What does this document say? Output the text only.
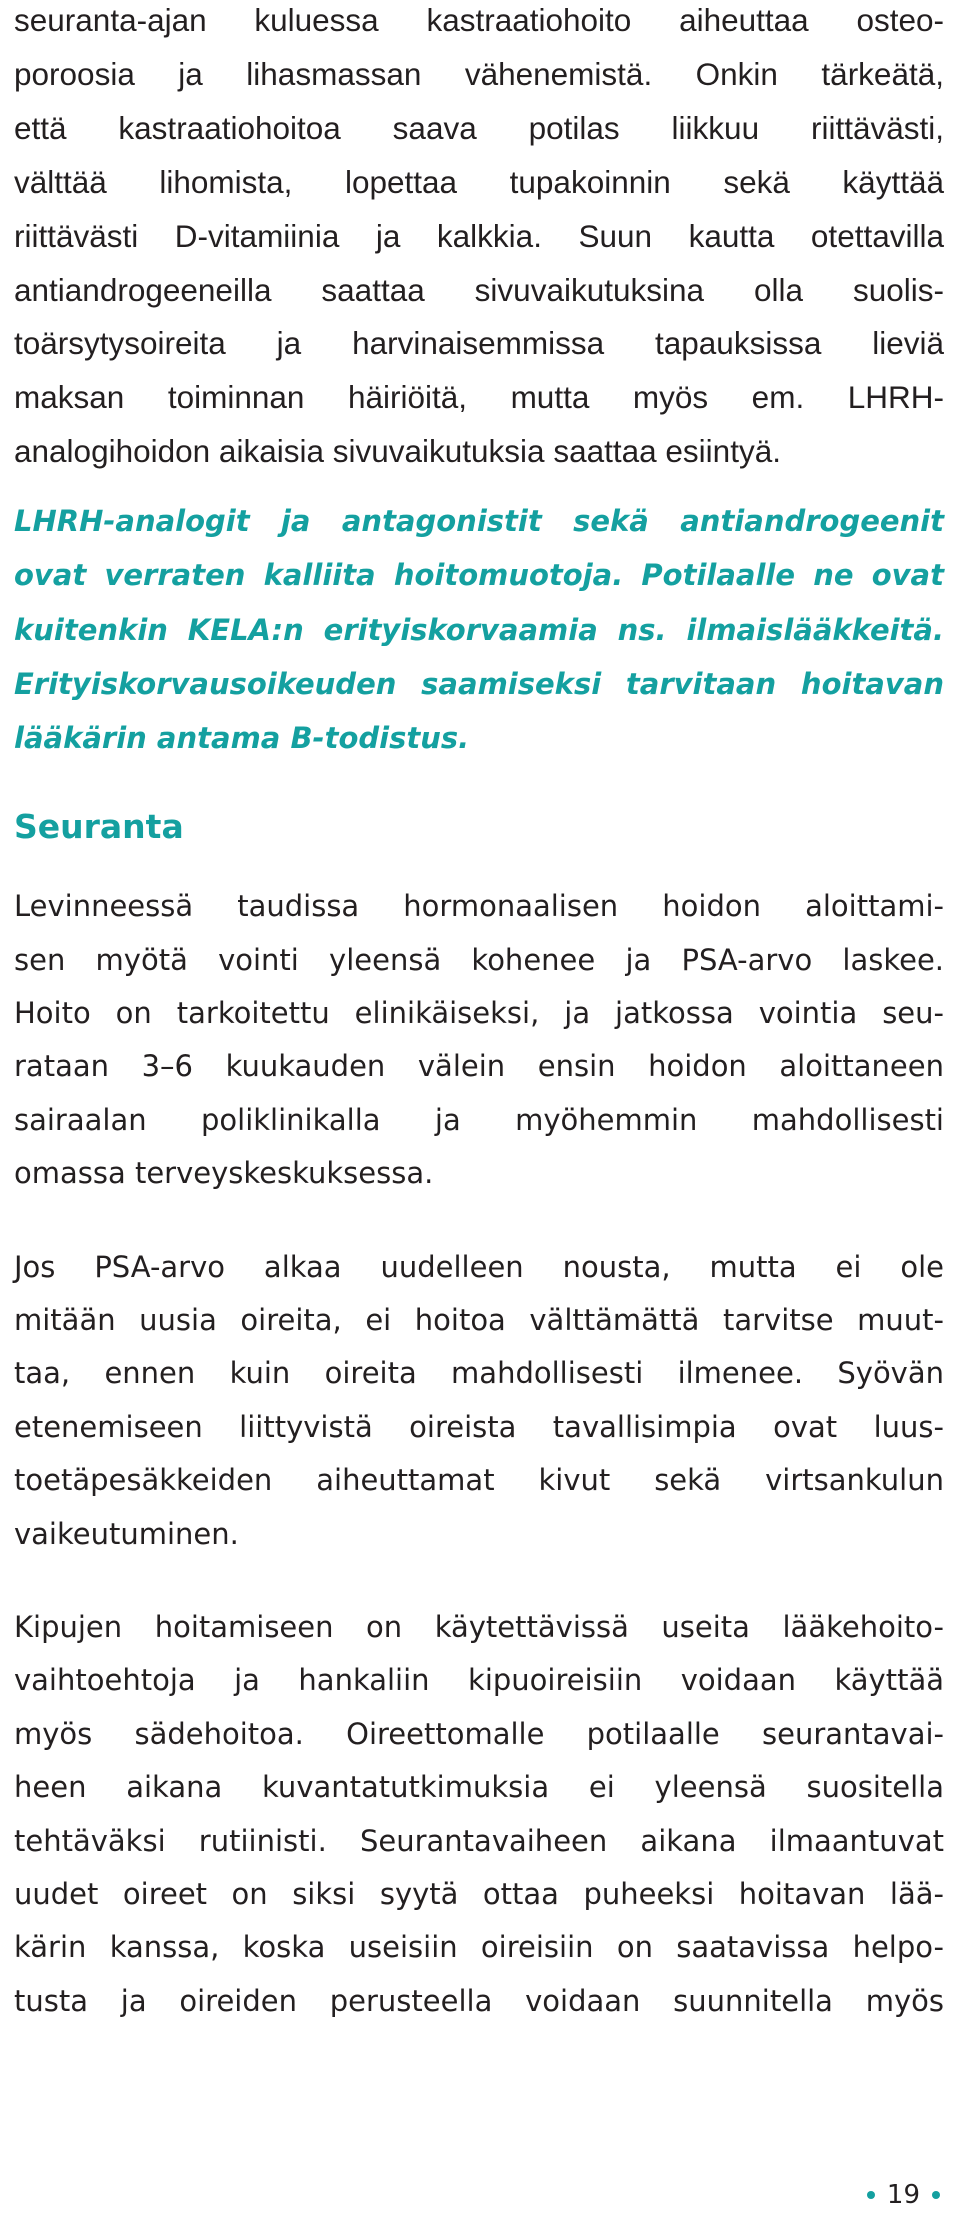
seuranta-ajan kuluessa kastraatiohoito aiheuttaa osteo-
poroosia ja lihasmassan vähenemistä. Onkin tärkeätä,
että kastraatiohoitoa saava potilas liikkuu riittävästi,
välttää lihomista, lopettaa tupakoinnin sekä käyttää
riittävästi D-vitamiinia ja kalkkia. Suun kautta otettavilla
antiandrogeeneilla saattaa sivuvaikutuksina olla suolis-
toärsytysoireita ja harvinaisemmissa tapauksissa lieviä
maksan toiminnan häiriöitä, mutta myös em. LHRH-
analogihoidon aikaisia sivuvaikutuksia saattaa esiintyä.
LHRH-analogit ja antagonistit sekä antiandrogeenit
ovat verraten kalliita hoitomuotoja. Potilaalle ne ovat
kuitenkin KELA:n erityiskorvaamia ns. ilmaislääkkeitä.
Erityiskorvausoikeuden saamiseksi tarvitaan hoitavan
lääkärin antama B-todistus.
Seuranta
Levinneessä taudissa hormonaalisen hoidon aloittami-
sen myötä vointi yleensä kohenee ja PSA-arvo laskee.
Hoito on tarkoitettu elinikäiseksi, ja jatkossa vointia seu-
rataan 3–6 kuukauden välein ensin hoidon aloittaneen
sairaalan poliklinikalla ja myöhemmin mahdollisesti
omassa terveyskeskuksessa.
Jos PSA-arvo alkaa uudelleen nousta, mutta ei ole
mitään uusia oireita, ei hoitoa välttämättä tarvitse muut-
taa, ennen kuin oireita mahdollisesti ilmenee. Syövän
etenemiseen liittyvistä oireista tavallisimpia ovat luus-
toetäpesäkkeiden aiheuttamat kivut sekä virtsankulun
vaikeutuminen.
Kipujen hoitamiseen on käytettävissä useita lääkehoito-
vaihtoehtoja ja hankaliin kipuoireisiin voidaan käyttää
myös sädehoitoa. Oireettomalle potilaalle seurantavai-
heen aikana kuvantatutkimuksia ei yleensä suositella
tehtäväksi rutiinisti. Seurantavaiheen aikana ilmaantuvat
uudet oireet on siksi syytä ottaa puheeksi hoitavan lää-
kärin kanssa, koska useisiin oireisiin on saatavissa helpo-
tusta ja oireiden perusteella voidaan suunnitella myös
19
